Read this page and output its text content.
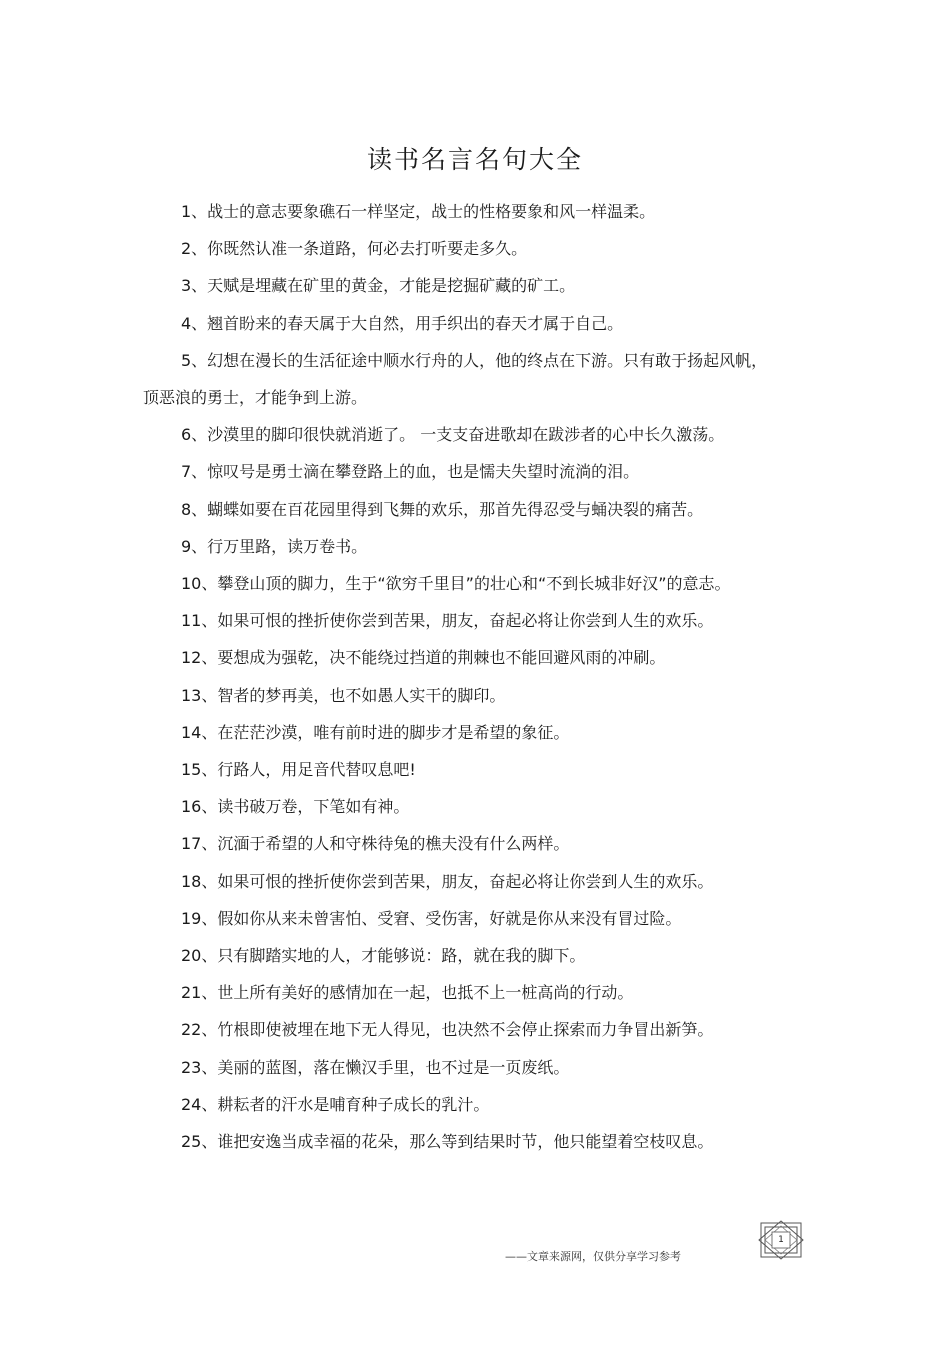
读书名言名句大全

1、战士的意志要象礁石一样坚定，战士的性格要象和风一样温柔。

2、你既然认准一条道路，何必去打听要走多久。

3、天赋是埋藏在矿里的黄金，才能是挖掘矿藏的矿工。

4、翘首盼来的春天属于大自然，用手织出的春天才属于自己。

5、幻想在漫长的生活征途中顺水行舟的人，他的终点在下游。只有敢于扬起风帆，顶恶浪的勇士，才能争到上游。

6、沙漠里的脚印很快就消逝了。 一支支奋进歌却在跋涉者的心中长久激荡。

7、惊叹号是勇士滴在攀登路上的血，也是懦夫失望时流淌的泪。

8、蝴蝶如要在百花园里得到飞舞的欢乐，那首先得忍受与蛹决裂的痛苦。

9、行万里路，读万卷书。

10、攀登山顶的脚力，生于“欲穷千里目”的壮心和“不到长城非好汉”的意志。

11、如果可恨的挫折使你尝到苦果，朋友，奋起必将让你尝到人生的欢乐。

12、要想成为强乾，决不能绕过挡道的荆棘也不能回避风雨的冲刷。

13、智者的梦再美，也不如愚人实干的脚印。

14、在茫茫沙漠，唯有前时进的脚步才是希望的象征。

15、行路人，用足音代替叹息吧!

16、读书破万卷，下笔如有神。

17、沉湎于希望的人和守株待兔的樵夫没有什么两样。

18、如果可恨的挫折使你尝到苦果，朋友，奋起必将让你尝到人生的欢乐。

19、假如你从来未曾害怕、受窘、受伤害，好就是你从来没有冒过险。

20、只有脚踏实地的人，才能够说：路，就在我的脚下。

21、世上所有美好的感情加在一起，也抵不上一桩高尚的行动。

22、竹根即使被埋在地下无人得见，也决然不会停止探索而力争冒出新笋。

23、美丽的蓝图，落在懒汉手里，也不过是一页废纸。

24、耕耘者的汗水是哺育种子成长的乳汁。

25、谁把安逸当成幸福的花朵，那么等到结果时节，他只能望着空枝叹息。

——文章来源网，仅供分享学习参考
1
